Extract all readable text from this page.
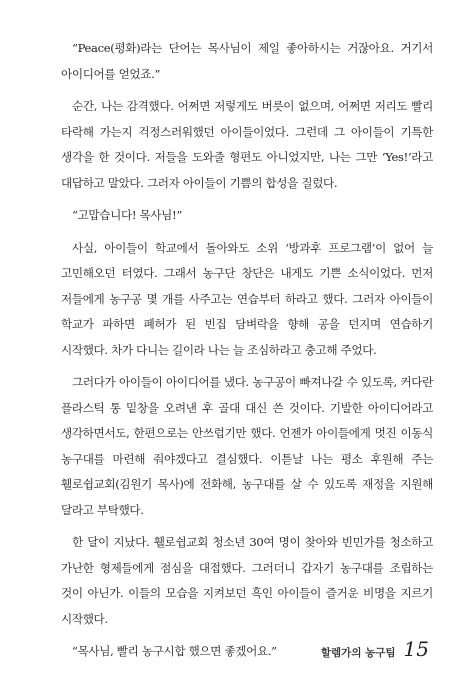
“Peace(평화)라는 단어는 목사님이 제일 좋아하시는 거잖아요. 거기서 아이디어를 얻었죠.”

순간, 나는 감격했다. 어쩌면 저렇게도 버릇이 없으며, 어쩌면 저리도 빨리 타락해 가는지 걱정스러워했던 아이들이었다. 그런데 그 아이들이 기특한 생각을 한 것이다. 저들을 도와줄 형편도 아니었지만, 나는 그만 ‘Yes!’라고 대답하고 말았다. 그러자 아이들이 기쁨의 합성을 질렀다.

“고맙습니다! 목사님!”

사실, 아이들이 학교에서 돌아와도 소위 ‘방과후 프로그램’이 없어 늘 고민해오던 터였다. 그래서 농구단 창단은 내게도 기쁜 소식이었다. 먼저 저들에게 농구공 몇 개를 사주고는 연습부터 하라고 했다. 그러자 아이들이 학교가 파하면 폐허가 된 빈집 담벼락을 향해 공을 던지며 연습하기 시작했다. 차가 다니는 길이라 나는 늘 조심하라고 충고해 주었다.

그러다가 아이들이 아이디어를 냈다. 농구공이 빠져나갈 수 있도록, 커다란 플라스틱 통 밑창을 오려낸 후 골대 대신 쓴 것이다. 기발한 아이디어라고 생각하면서도, 한편으로는 안쓰럽기만 했다. 언젠가 아이들에게 멋진 이동식 농구대를 마련해 줘야겠다고 결심했다. 이튿날 나는 평소 후원해 주는 휄로쉽교회(김원기 목사)에 전화해, 농구대를 살 수 있도록 재정을 지원해 달라고 부탁했다.

한 달이 지났다. 휄로쉽교회 청소년 30여 명이 찾아와 빈민가를 청소하고 가난한 형제들에게 점심을 대접했다. 그러더니 갑자기 농구대를 조립하는 것이 아닌가. 이들의 모습을 지켜보던 흑인 아이들이 즐거운 비명을 지르기 시작했다.

“목사님, 빨리 농구시합 했으면 좋겠어요.”	할렘가의 농구팀 15
